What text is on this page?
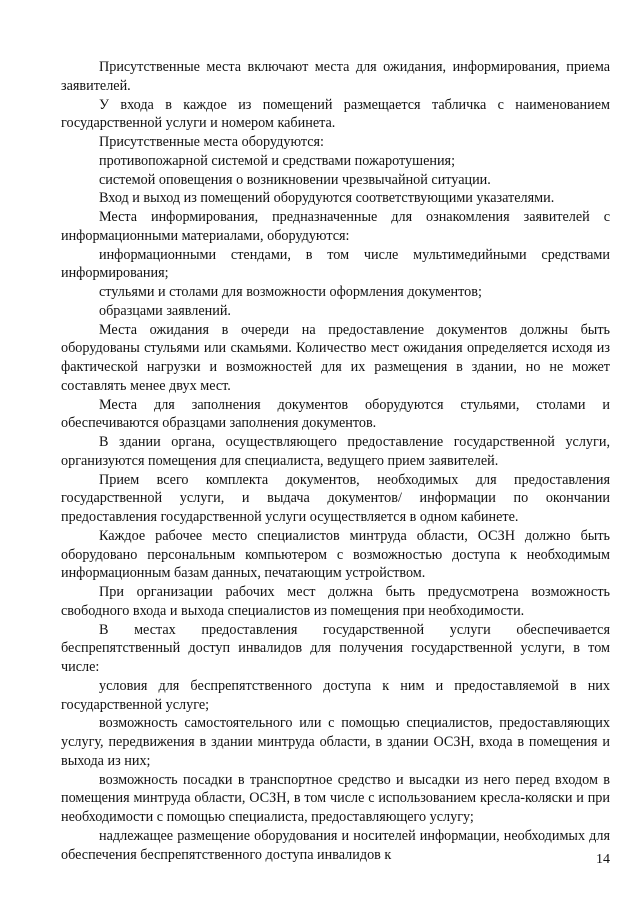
Присутственные места включают места для ожидания, информирования, приема заявителей.

У входа в каждое из помещений размещается табличка с наименованием государственной услуги и номером кабинета.

Присутственные места оборудуются:

противопожарной системой и средствами пожаротушения;

системой оповещения о возникновении чрезвычайной ситуации.

Вход и выход из помещений оборудуются соответствующими указателями.

Места информирования, предназначенные для ознакомления заявителей с информационными материалами, оборудуются:

информационными стендами, в том числе мультимедийными средствами информирования;

стульями и столами для возможности оформления документов;

образцами заявлений.

Места ожидания в очереди на предоставление документов должны быть оборудованы стульями или скамьями. Количество мест ожидания определяется исходя из фактической нагрузки и возможностей для их размещения в здании, но не может составлять менее двух мест.

Места для заполнения документов оборудуются стульями, столами и обеспечиваются образцами заполнения документов.

В здании органа, осуществляющего предоставление государственной услуги, организуются помещения для специалиста, ведущего прием заявителей.

Прием всего комплекта документов, необходимых для предоставления государственной услуги, и выдача документов/ информации по окончании предоставления государственной услуги осуществляется в одном кабинете.

Каждое рабочее место специалистов минтруда области, ОСЗН должно быть оборудовано персональным компьютером с возможностью доступа к необходимым информационным базам данных, печатающим устройством.

При организации рабочих мест должна быть предусмотрена возможность свободного входа и выхода специалистов из помещения при необходимости.

В местах предоставления государственной услуги обеспечивается беспрепятственный доступ инвалидов для получения государственной услуги, в том числе:

условия для беспрепятственного доступа к ним и предоставляемой в них государственной услуге;

возможность самостоятельного или с помощью специалистов, предоставляющих услугу, передвижения в здании минтруда области, в здании ОСЗН, входа в помещения и выхода из них;

возможность посадки в транспортное средство и высадки из него перед входом в помещения минтруда области, ОСЗН, в том числе с использованием кресла-коляски и при необходимости с помощью специалиста, предоставляющего услугу;

надлежащее размещение оборудования и носителей информации, необходимых для обеспечения беспрепятственного доступа инвалидов к	14
